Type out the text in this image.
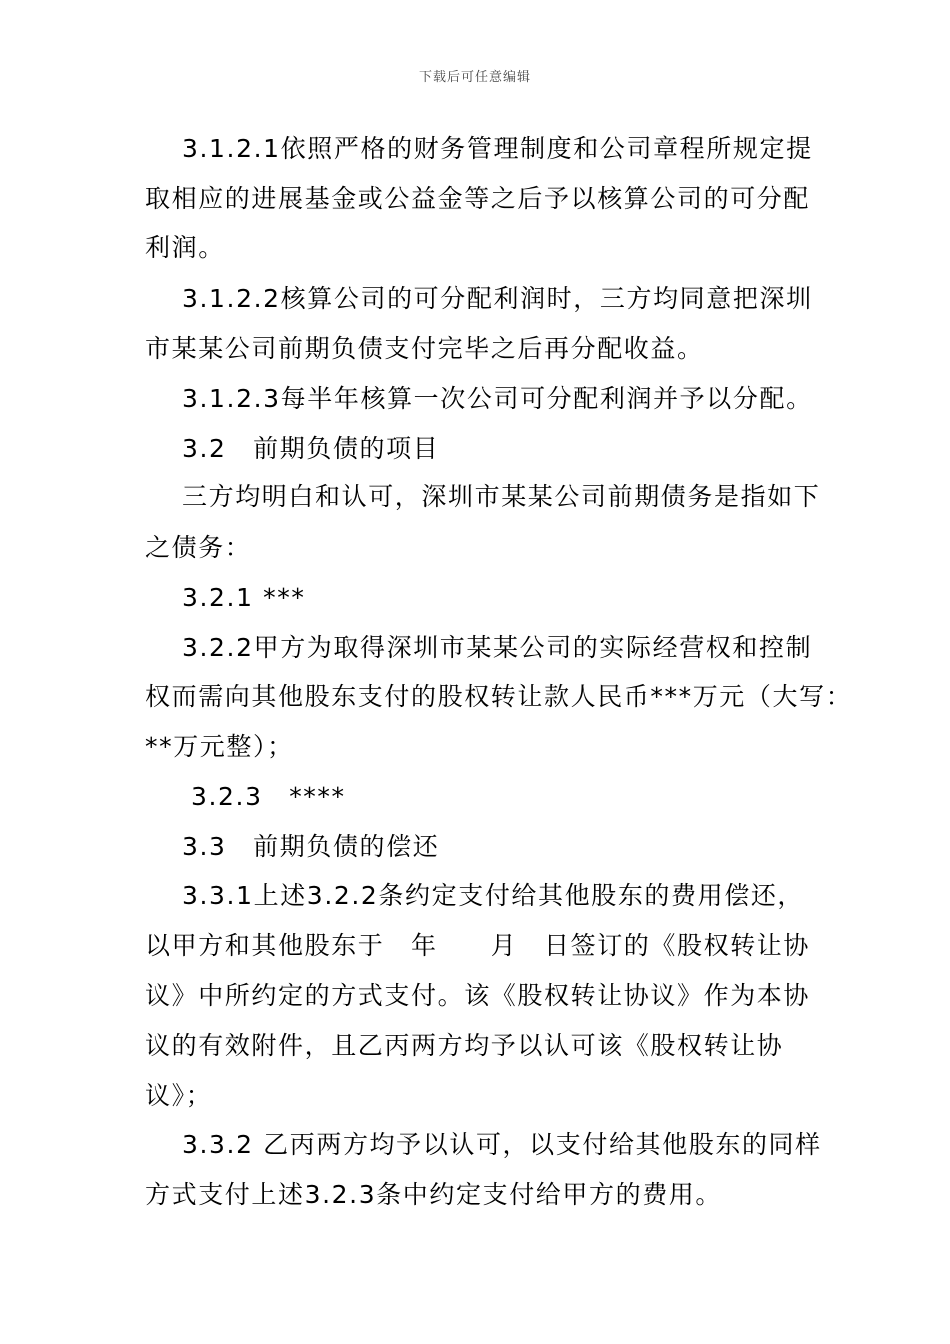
下载后可任意编辑
3.1.2.1依照严格的财务管理制度和公司章程所规定提
取相应的进展基金或公益金等之后予以核算公司的可分配
利润。
3.1.2.2核算公司的可分配利润时，三方均同意把深圳
市某某公司前期负债支付完毕之后再分配收益。
3.1.2.3每半年核算一次公司可分配利润并予以分配。
3.2　前期负债的项目
三方均明白和认可，深圳市某某公司前期债务是指如下
之债务：
3.2.1 ***
3.2.2甲方为取得深圳市某某公司的实际经营权和控制
权而需向其他股东支付的股权转让款人民币***万元（大写：
**万元整）；
3.2.3　****
3.3　前期负债的偿还
3.3.1上述3.2.2条约定支付给其他股东的费用偿还，
以甲方和其他股东于　年　　月　日签订的《股权转让协
议》中所约定的方式支付。该《股权转让协议》作为本协
议的有效附件，且乙丙两方均予以认可该《股权转让协
议》；
3.3.2 乙丙两方均予以认可，以支付给其他股东的同样
方式支付上述3.2.3条中约定支付给甲方的费用。
